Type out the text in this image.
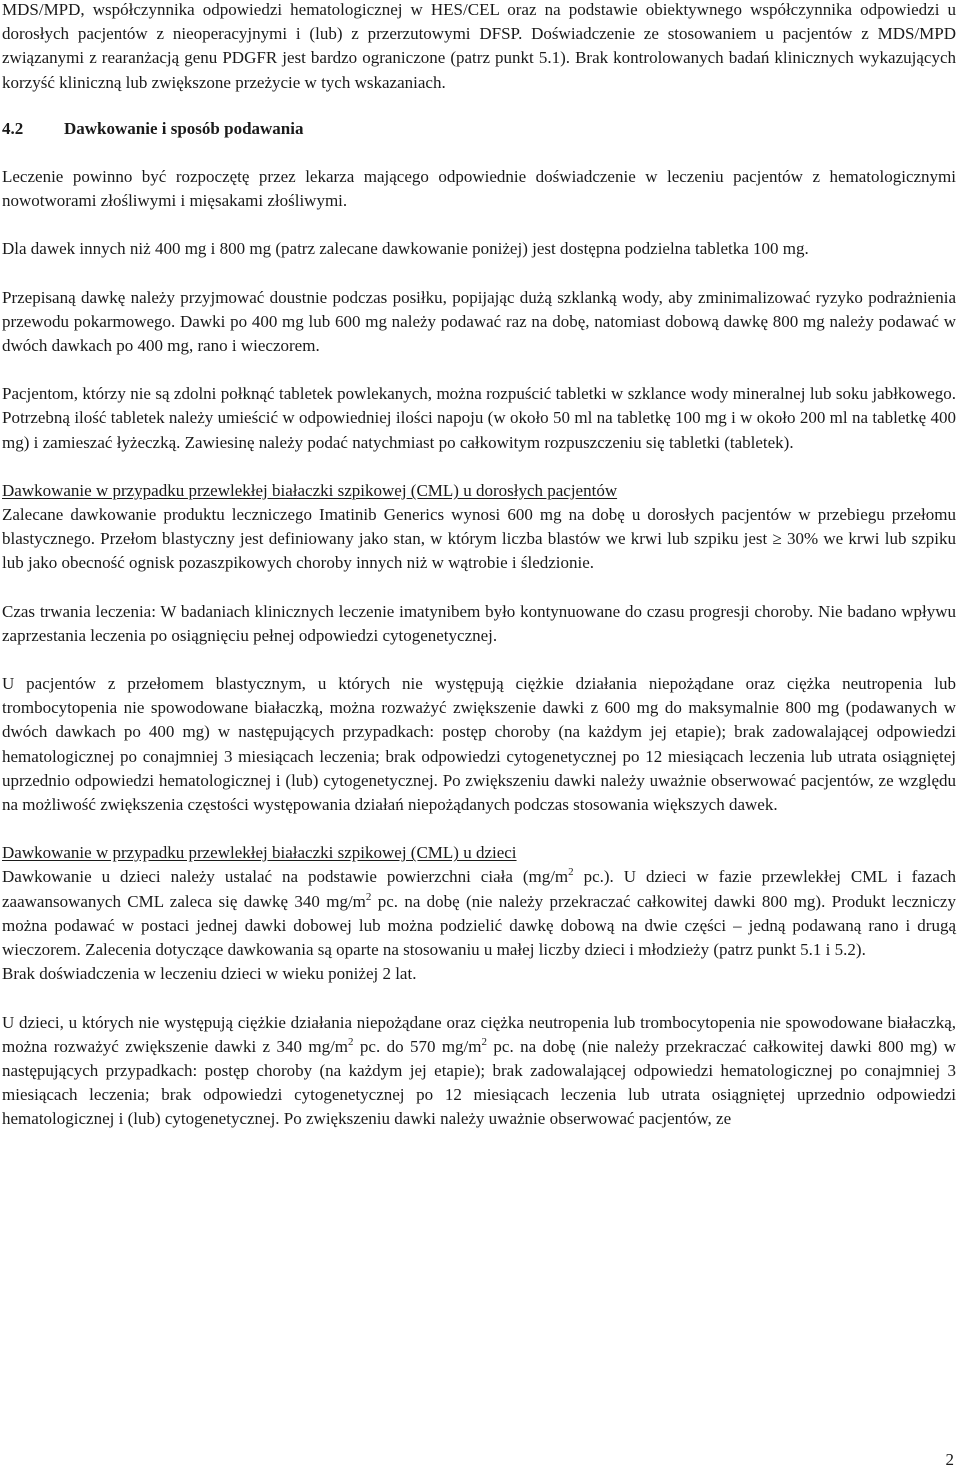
MDS/MPD, współczynnika odpowiedzi hematologicznej w HES/CEL oraz na podstawie obiektywnego współczynnika odpowiedzi u dorosłych pacjentów z nieoperacyjnymi i (lub) z przerzutowymi DFSP. Doświadczenie ze stosowaniem u pacjentów z MDS/MPD związanymi z rearanżacją genu PDGFR jest bardzo ograniczone (patrz punkt 5.1). Brak kontrolowanych badań klinicznych wykazujących korzyść kliniczną lub zwiększone przeżycie w tych wskazaniach.

4.2 Dawkowanie i sposób podawania

Leczenie powinno być rozpoczętę przez lekarza mającego odpowiednie doświadczenie w leczeniu pacjentów z hematologicznymi nowotworami złośliwymi i mięsakami złośliwymi.

Dla dawek innych niż 400 mg i 800 mg (patrz zalecane dawkowanie poniżej) jest dostępna podzielna tabletka 100 mg.

Przepisaną dawkę należy przyjmować doustnie podczas posiłku, popijając dużą szklanką wody, aby zminimalizować ryzyko podrażnienia przewodu pokarmowego. Dawki po 400 mg lub 600 mg należy podawać raz na dobę, natomiast dobową dawkę 800 mg należy podawać w dwóch dawkach po 400 mg, rano i wieczorem.

Pacjentom, którzy nie są zdolni połknąć tabletek powlekanych, można rozpuścić tabletki w szklance wody mineralnej lub soku jabłkowego. Potrzebną ilość tabletek należy umieścić w odpowiedniej ilości napoju (w około 50 ml na tabletkę 100 mg i w około 200 ml na tabletkę 400 mg) i zamieszać łyżeczką. Zawiesinę należy podać natychmiast po całkowitym rozpuszczeniu się tabletki (tabletek).

Dawkowanie w przypadku przewlekłej białaczki szpikowej (CML) u dorosłych pacjentów

Zalecane dawkowanie produktu leczniczego Imatinib Generics wynosi 600 mg na dobę u dorosłych pacjentów w przebiegu przełomu blastycznego. Przełom blastyczny jest definiowany jako stan, w którym liczba blastów we krwi lub szpiku jest ≥ 30% we krwi lub szpiku lub jako obecność ognisk pozaszpikowych choroby innych niż w wątrobie i śledzionie.

Czas trwania leczenia: W badaniach klinicznych leczenie imatynibem było kontynuowane do czasu progresji choroby. Nie badano wpływu zaprzestania leczenia po osiągnięciu pełnej odpowiedzi cytogenetycznej.

U pacjentów z przełomem blastycznym, u których nie występują ciężkie działania niepożądane oraz ciężka neutropenia lub trombocytopenia nie spowodowane białaczką, można rozważyć zwiększenie dawki z 600 mg do maksymalnie 800 mg (podawanych w dwóch dawkach po 400 mg) w następujących przypadkach: postęp choroby (na każdym jej etapie); brak zadowalającej odpowiedzi hematologicznej po conajmniej 3 miesiącach leczenia; brak odpowiedzi cytogenetycznej po 12 miesiącach leczenia lub utrata osiągniętej uprzednio odpowiedzi hematologicznej i (lub) cytogenetycznej. Po zwiększeniu dawki należy uważnie obserwować pacjentów, ze względu na możliwość zwiększenia częstości występowania działań niepożądanych podczas stosowania większych dawek.

Dawkowanie w przypadku przewlekłej białaczki szpikowej (CML) u dzieci

Dawkowanie u dzieci należy ustalać na podstawie powierzchni ciała ($mg/m^2$ pc.). U dzieci w fazie przewlekłej CML i fazach zaawansowanych CML zaleca się dawkę 340 $mg/m^2$ pc. na dobę (nie należy przekraczać całkowitej dawki 800 mg). Produkt leczniczy można podawać w postaci jednej dawki dobowej lub można podzielić dawkę dobową na dwie części – jedną podawaną rano i drugą wieczorem. Zalecenia dotyczące dawkowania są oparte na stosowaniu u małej liczby dzieci i młodzieży (patrz punkt 5.1 i 5.2).

Brak doświadczenia w leczeniu dzieci w wieku poniżej 2 lat.

U dzieci, u których nie występują ciężkie działania niepożądane oraz ciężka neutropenia lub trombocytopenia nie spowodowane białaczką, można rozważyć zwiększenie dawki z 340 $mg/m^2$ pc. do 570 $mg/m^2$ pc. na dobę (nie należy przekraczać całkowitej dawki 800 mg) w następujących przypadkach: postęp choroby (na każdym jej etapie); brak zadowalającej odpowiedzi hematologicznej po conajmniej 3 miesiącach leczenia; brak odpowiedzi cytogenetycznej po 12 miesiącach leczenia lub utrata osiągniętej uprzednio odpowiedzi hematologicznej i (lub) cytogenetycznej. Po zwiększeniu dawki należy uważnie obserwować pacjentów, ze

2
